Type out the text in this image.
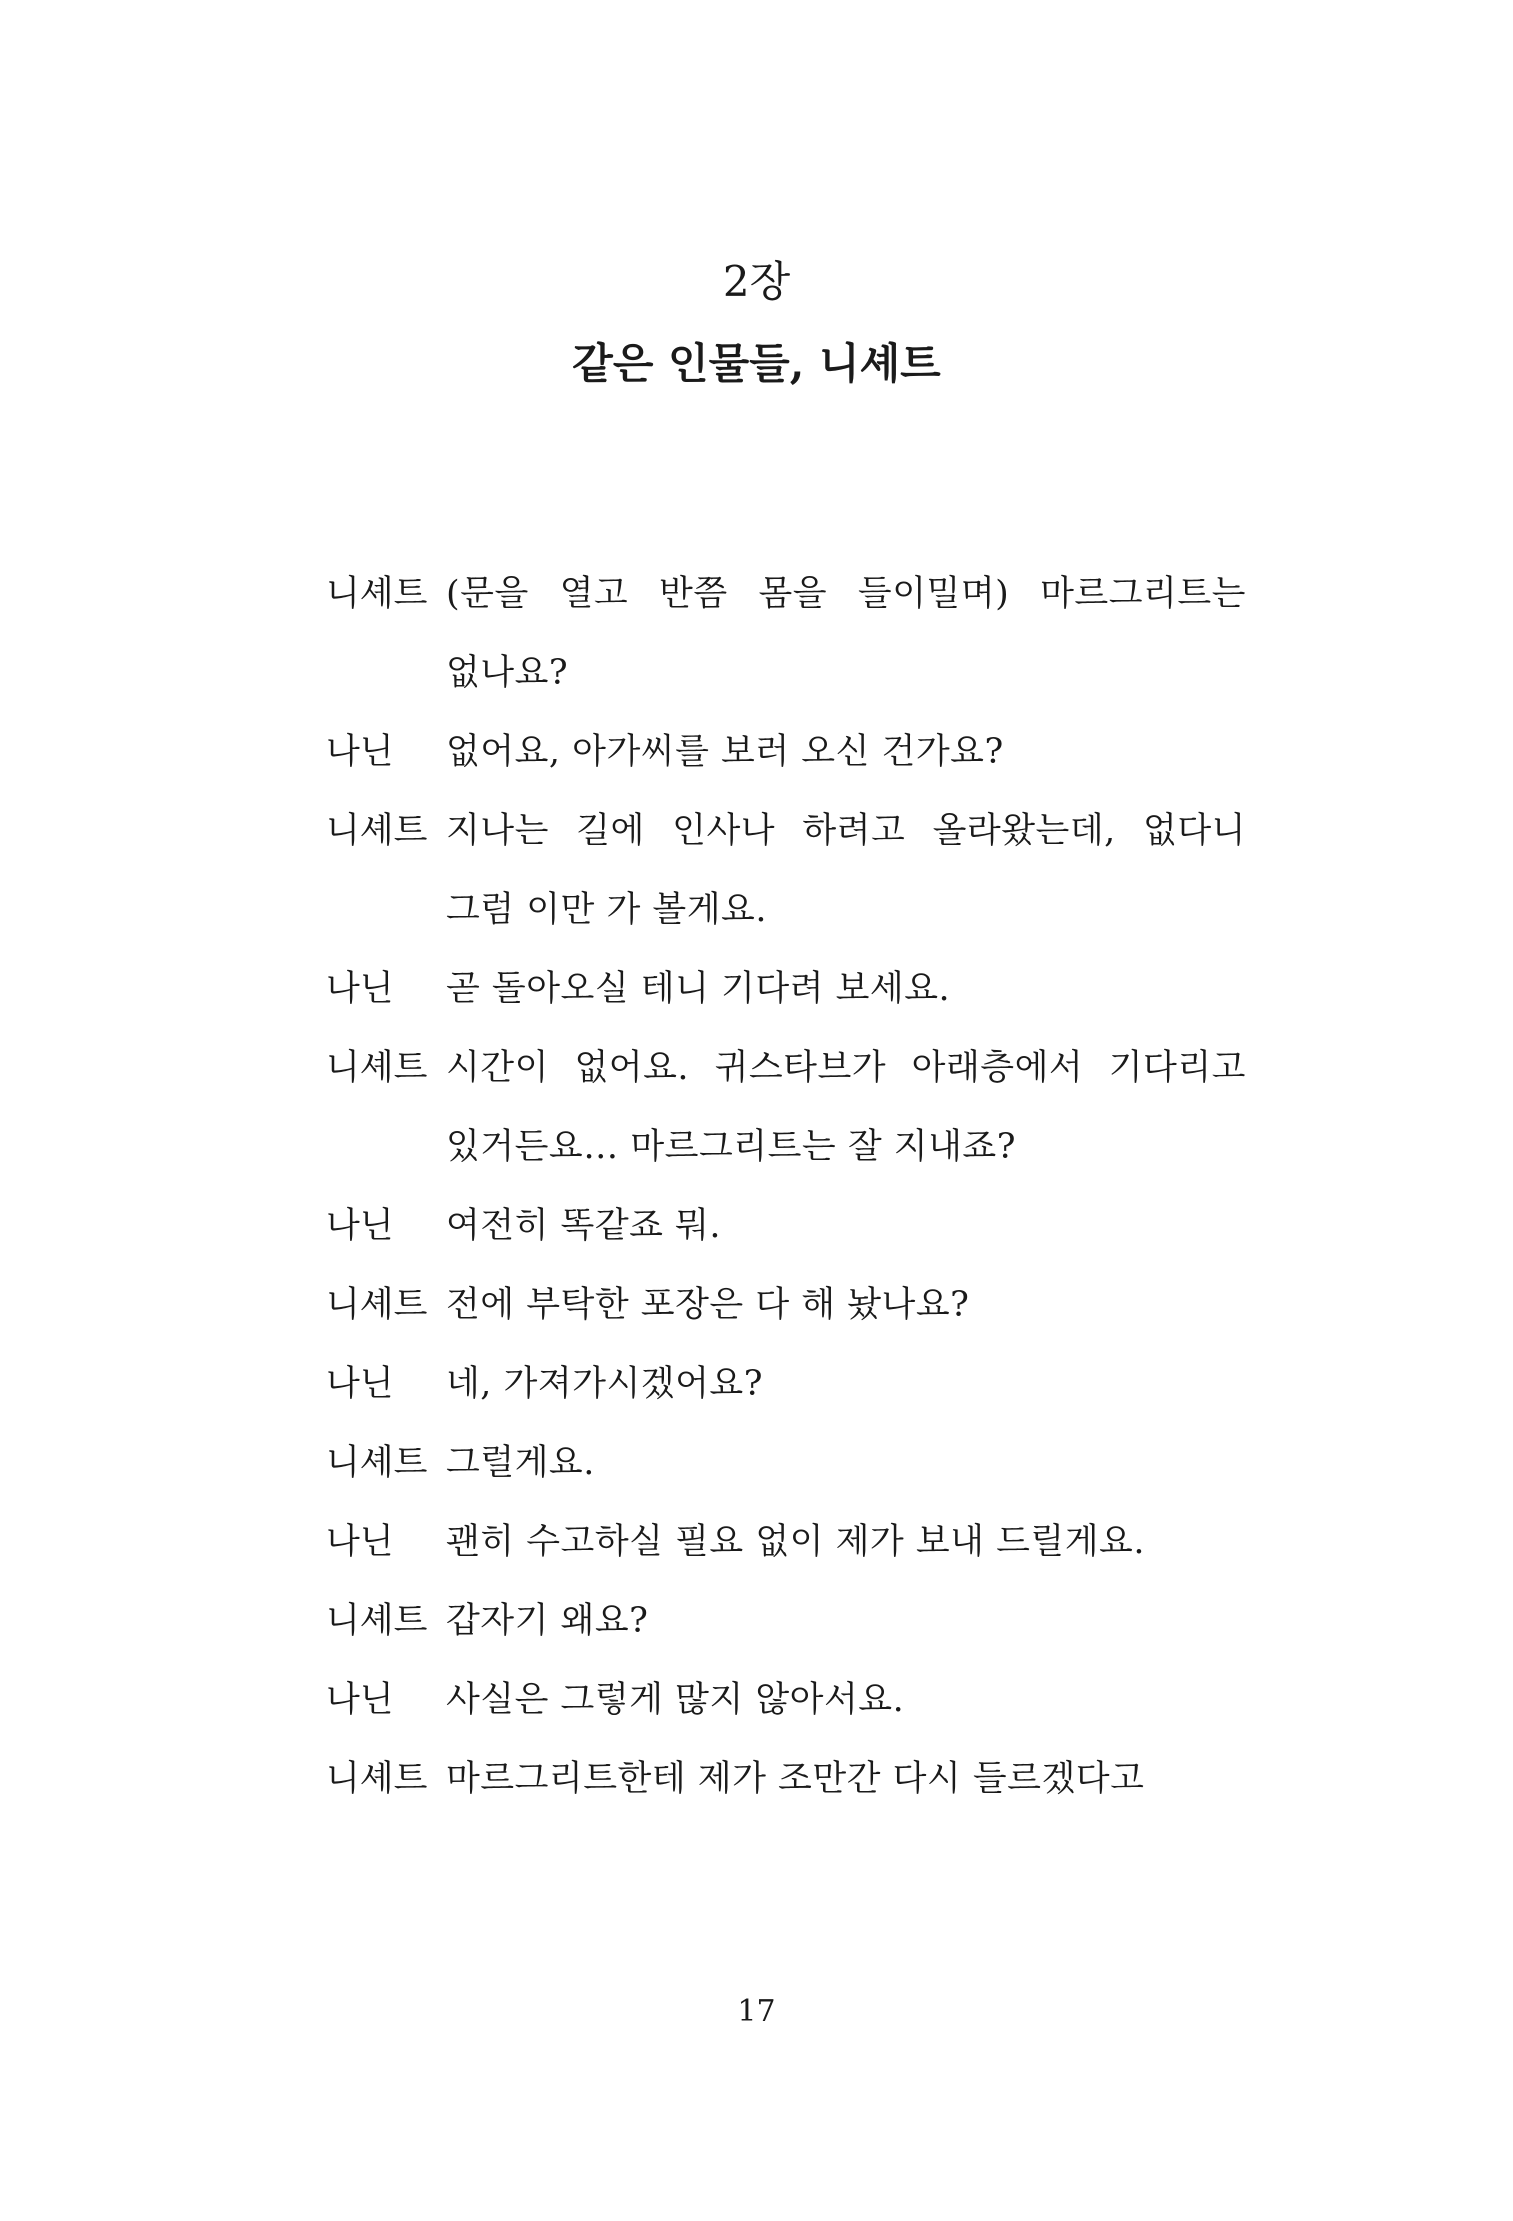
2장
같은 인물들, 니셰트
니셰트 (문을 열고 반쯤 몸을 들이밀며) 마르그리트는 없나요?
나닌	없어요, 아가씨를 보러 오신 건가요?
니셰트 지나는 길에 인사나 하려고 올라왔는데, 없다니 그럼 이만 가 볼게요.
나닌	곧 돌아오실 테니 기다려 보세요.
니셰트 시간이 없어요. 귀스타브가 아래층에서 기다리고 있거든요… 마르그리트는 잘 지내죠?
나닌	여전히 똑같죠 뭐.
니셰트 전에 부탁한 포장은 다 해 놨나요?
나닌	네, 가져가시겠어요?
니셰트 그럴게요.
나닌	괜히 수고하실 필요 없이 제가 보내 드릴게요.
니셰트 갑자기 왜요?
나닌	사실은 그렇게 많지 않아서요.
니셰트 마르그리트한테 제가 조만간 다시 들르겠다고
17
